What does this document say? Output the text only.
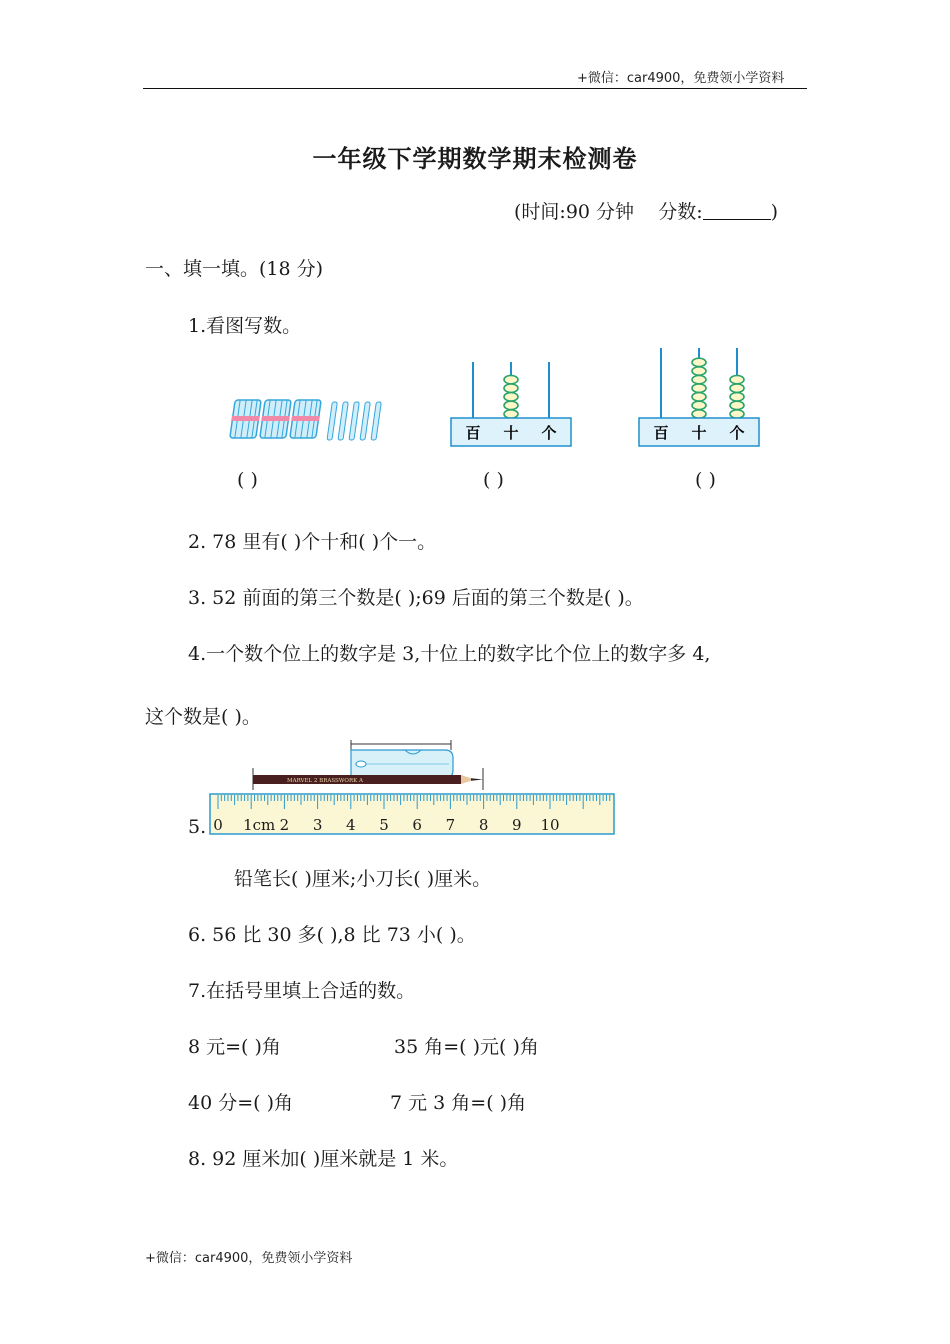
+微信：car4900，免费领小学资料
一年级下学期数学期末检测卷
(时间:90 分钟 分数:	)
一、填一填。(18 分)
1.看图写数。
百 十 个	百 十 个
( )	( )	( )
2. 78 里有( )个十和( )个一。
3. 52 前面的第三个数是( );69 后面的第三个数是( )。
4.一个数个位上的数字是 3,十位上的数字比个位上的数字多 4,
这个数是( )。
5.
MARVEL 2 BRASSWORK A
0 1cm 2 3 4 5 6 7 8 9 10
铅笔长( )厘米;小刀长( )厘米。
6. 56 比 30 多( ),8 比 73 小( )。
7.在括号里填上合适的数。
8 元=( )角	35 角=( )元( )角
40 分=( )角	7 元 3 角=( )角
8. 92 厘米加( )厘米就是 1 米。
+微信：car4900，免费领小学资料
